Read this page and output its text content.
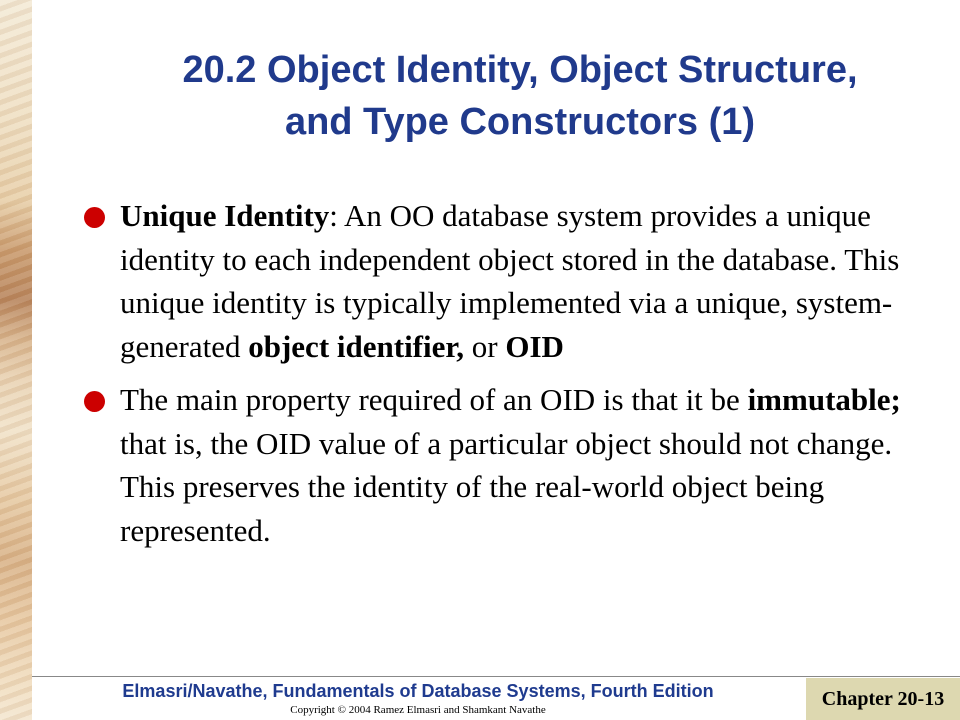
20.2 Object Identity, Object Structure,
and Type Constructors (1)
Unique Identity: An OO database system provides a unique identity to each independent object stored in the database. This unique identity is typically implemented via a unique, system-generated object identifier, or OID
The main property required of an OID is that it be immutable; that is, the OID value of a particular object should not change. This preserves the identity of the real-world object being represented.
Elmasri/Navathe, Fundamentals of Database Systems, Fourth Edition
Copyright © 2004 Ramez Elmasri and Shamkant Navathe
Chapter 20-13
